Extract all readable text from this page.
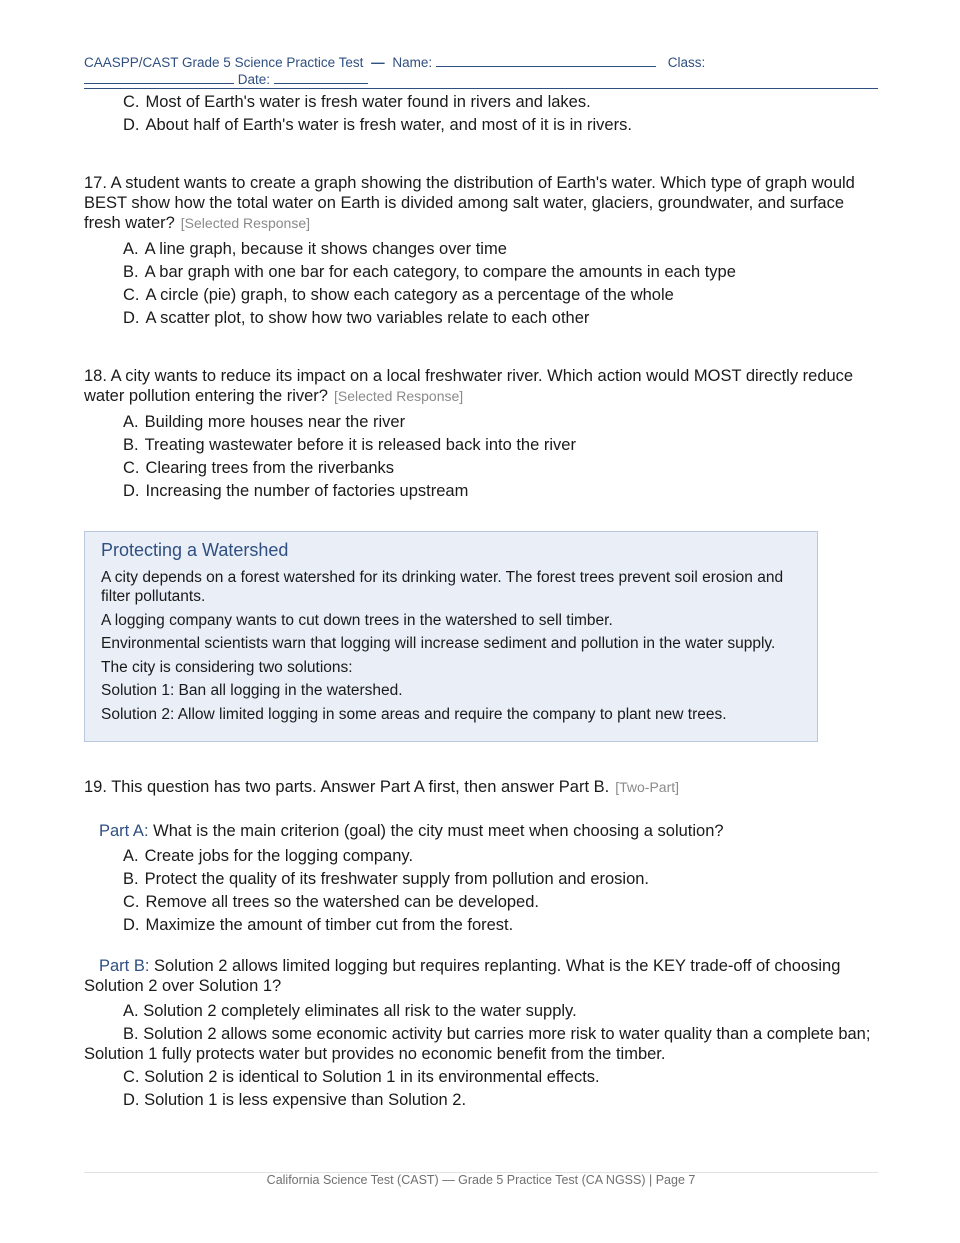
CAASPP/CAST Grade 5 Science Practice Test — Name:	Class:
Date:
C. Most of Earth's water is fresh water found in rivers and lakes.
D. About half of Earth's water is fresh water, and most of it is in rivers.
17. A student wants to create a graph showing the distribution of Earth's water. Which type of graph would BEST show how the total water on Earth is divided among salt water, glaciers, groundwater, and surface fresh water? [Selected Response]
A. A line graph, because it shows changes over time
B. A bar graph with one bar for each category, to compare the amounts in each type
C. A circle (pie) graph, to show each category as a percentage of the whole
D. A scatter plot, to show how two variables relate to each other
18. A city wants to reduce its impact on a local freshwater river. Which action would MOST directly reduce water pollution entering the river? [Selected Response]
A. Building more houses near the river
B. Treating wastewater before it is released back into the river
C. Clearing trees from the riverbanks
D. Increasing the number of factories upstream
Protecting a Watershed

A city depends on a forest watershed for its drinking water. The forest trees prevent soil erosion and filter pollutants.

A logging company wants to cut down trees in the watershed to sell timber.

Environmental scientists warn that logging will increase sediment and pollution in the water supply.

The city is considering two solutions:

Solution 1: Ban all logging in the watershed.

Solution 2: Allow limited logging in some areas and require the company to plant new trees.

19. This question has two parts. Answer Part A first, then answer Part B. [Two-Part]
Part A: What is the main criterion (goal) the city must meet when choosing a solution?
A. Create jobs for the logging company.
B. Protect the quality of its freshwater supply from pollution and erosion.
C. Remove all trees so the watershed can be developed.
D. Maximize the amount of timber cut from the forest.
Part B: Solution 2 allows limited logging but requires replanting. What is the KEY trade-off of choosing Solution 2 over Solution 1?
A. Solution 2 completely eliminates all risk to the water supply.
B. Solution 2 allows some economic activity but carries more risk to water quality than a complete ban; Solution 1 fully protects water but provides no economic benefit from the timber.
C. Solution 2 is identical to Solution 1 in its environmental effects.
D. Solution 1 is less expensive than Solution 2.
California Science Test (CAST) — Grade 5 Practice Test (CA NGSS) | Page 7
